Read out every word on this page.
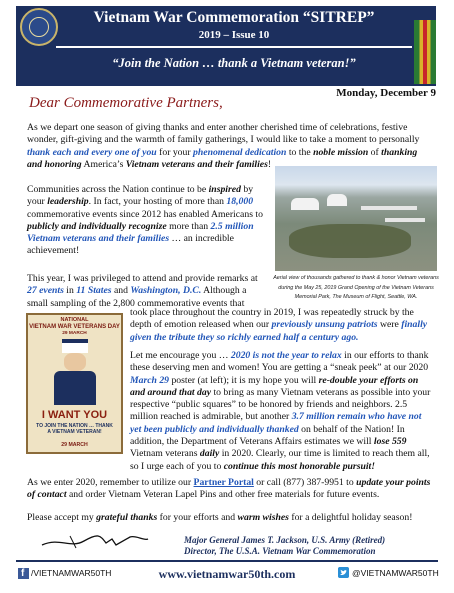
Vietnam War Commemoration “SITREP”
2019 – Issue 10
“Join the Nation … thank a Vietnam veteran!”
Monday, December 9
Dear Commemorative Partners,

As we depart one season of giving thanks and enter another cherished time of celebrations, festive wonder, gift-giving and the warmth of family gatherings, I would like to take a moment to personally thank each and every one of you for your phenomenal dedication to the noble mission of thanking and honoring America’s Vietnam veterans and their families!

Communities across the Nation continue to be inspired by your leadership. In fact, your hosting of more than 18,000 commemorative events since 2012 has enabled Americans to publicly and individually recognize more than 2.5 million Vietnam veterans and their families … an incredible achievement!

Aerial view of thousands gathered to thank & honor Vietnam veterans during the May 25, 2019 Grand Opening of the Vietnam Veterans Memorial Park, The Museum of Flight, Seattle, WA.

This year, I was privileged to attend and provide remarks at 27 events in 11 States and Washington, D.C. Although a small sampling of the 2,800 commemorative events that

took place throughout the country in 2019, I was repeatedly struck by the depth of emotion released when our previously unsung patriots were finally given the tribute they so richly earned half a century ago.

NATIONAL
VIETNAM WAR VETERANS DAY
29 MARCH
I WANT YOU
TO JOIN THE NATION … THANK A VIETNAM VETERAN!
29 MARCH

Let me encourage you … 2020 is not the year to relax in our efforts to thank these deserving men and women! You are getting a “sneak peek” at our 2020 March 29 poster (at left); it is my hope you will re-double your efforts on and around that day to bring as many Vietnam veterans as possible into your respective “public squares” to be honored by friends and neighbors. 2.5 million reached is admirable, but another 3.7 million remain who have not yet been publicly and individually thanked on behalf of the Nation! In addition, the Department of Veterans Affairs estimates we will lose 559 Vietnam veterans daily in 2020. Clearly, our time is limited to reach them all, so I urge each of you to continue this most honorable pursuit!

As we enter 2020, remember to utilize our Partner Portal or call (877) 387-9951 to update your points of contact and order Vietnam Veteran Lapel Pins and other free materials for future events.

Please accept my grateful thanks for your efforts and warm wishes for a delightful holiday season!

Major General James T. Jackson, U.S. Army (Retired)
Director, The U.S.A. Vietnam War Commemoration
f /VIETNAMWAR50TH	www.vietnamwar50th.com	@VIETNAMWAR50TH
